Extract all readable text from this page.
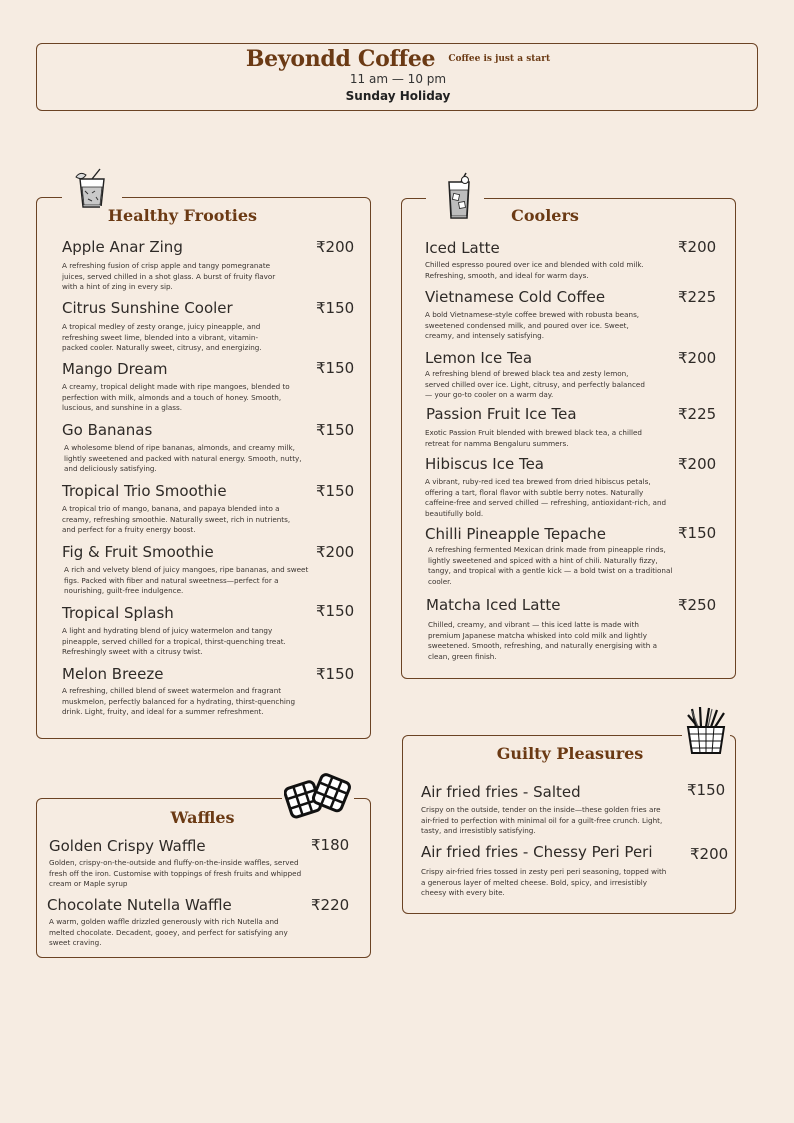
Beyondd Coffee Coffee is just a start
11 am — 10 pm
Sunday Holiday
Healthy Frooties
Apple Anar Zing	₹200
A refreshing fusion of crisp apple and tangy pomegranate juices, served chilled in a shot glass. A burst of fruity flavor with a hint of zing in every sip.
Citrus Sunshine Cooler	₹150
A tropical medley of zesty orange, juicy pineapple, and refreshing sweet lime, blended into a vibrant, vitamin-packed cooler. Naturally sweet, citrusy, and energizing.
Mango Dream	₹150
A creamy, tropical delight made with ripe mangoes, blended to perfection with milk, almonds and a touch of honey. Smooth, luscious, and sunshine in a glass.
Go Bananas	₹150
A wholesome blend of ripe bananas, almonds, and creamy milk, lightly sweetened and packed with natural energy. Smooth, nutty, and deliciously satisfying.
Tropical Trio Smoothie	₹150
A tropical trio of mango, banana, and papaya blended into a creamy, refreshing smoothie. Naturally sweet, rich in nutrients, and perfect for a fruity energy boost.
Fig & Fruit Smoothie	₹200
A rich and velvety blend of juicy mangoes, ripe bananas, and sweet figs. Packed with fiber and natural sweetness—perfect for a nourishing, guilt-free indulgence.
Tropical Splash	₹150
A light and hydrating blend of juicy watermelon and tangy pineapple, served chilled for a tropical, thirst-quenching treat. Refreshingly sweet with a citrusy twist.
Melon Breeze	₹150
A refreshing, chilled blend of sweet watermelon and fragrant muskmelon, perfectly balanced for a hydrating, thirst-quenching drink. Light, fruity, and ideal for a summer refreshment.
Coolers
Iced Latte	₹200
Chilled espresso poured over ice and blended with cold milk. Refreshing, smooth, and ideal for warm days.
Vietnamese Cold Coffee	₹225
A bold Vietnamese-style coffee brewed with robusta beans, sweetened condensed milk, and poured over ice. Sweet, creamy, and intensely satisfying.
Lemon Ice Tea	₹200
A refreshing blend of brewed black tea and zesty lemon, served chilled over ice. Light, citrusy, and perfectly balanced — your go-to cooler on a warm day.
Passion Fruit Ice Tea	₹225
Exotic Passion Fruit blended with brewed black tea, a chilled retreat for namma Bengaluru summers.
Hibiscus Ice Tea	₹200
A vibrant, ruby-red iced tea brewed from dried hibiscus petals, offering a tart, floral flavor with subtle berry notes. Naturally caffeine-free and served chilled — refreshing, antioxidant-rich, and beautifully bold.
Chilli Pineapple Tepache	₹150
A refreshing fermented Mexican drink made from pineapple rinds, lightly sweetened and spiced with a hint of chili. Naturally fizzy, tangy, and tropical with a gentle kick — a bold twist on a traditional cooler.
Matcha Iced Latte	₹250
Chilled, creamy, and vibrant — this iced latte is made with premium Japanese matcha whisked into cold milk and lightly sweetened. Smooth, refreshing, and naturally energising with a clean, green finish.
Waffles
Golden Crispy Waffle	₹180
Golden, crispy-on-the-outside and fluffy-on-the-inside waffles, served fresh off the iron. Customise with toppings of fresh fruits and whipped cream or Maple syrup
Chocolate Nutella Waffle	₹220
A warm, golden waffle drizzled generously with rich Nutella and melted chocolate. Decadent, gooey, and perfect for satisfying any sweet craving.
Guilty Pleasures
Air fried fries - Salted	₹150
Crispy on the outside, tender on the inside—these golden fries are air-fried to perfection with minimal oil for a guilt-free crunch. Light, tasty, and irresistibly satisfying.
Air fried fries - Chessy Peri Peri ₹200
Crispy air-fried fries tossed in zesty peri peri seasoning, topped with a generous layer of melted cheese. Bold, spicy, and irresistibly cheesy with every bite.
